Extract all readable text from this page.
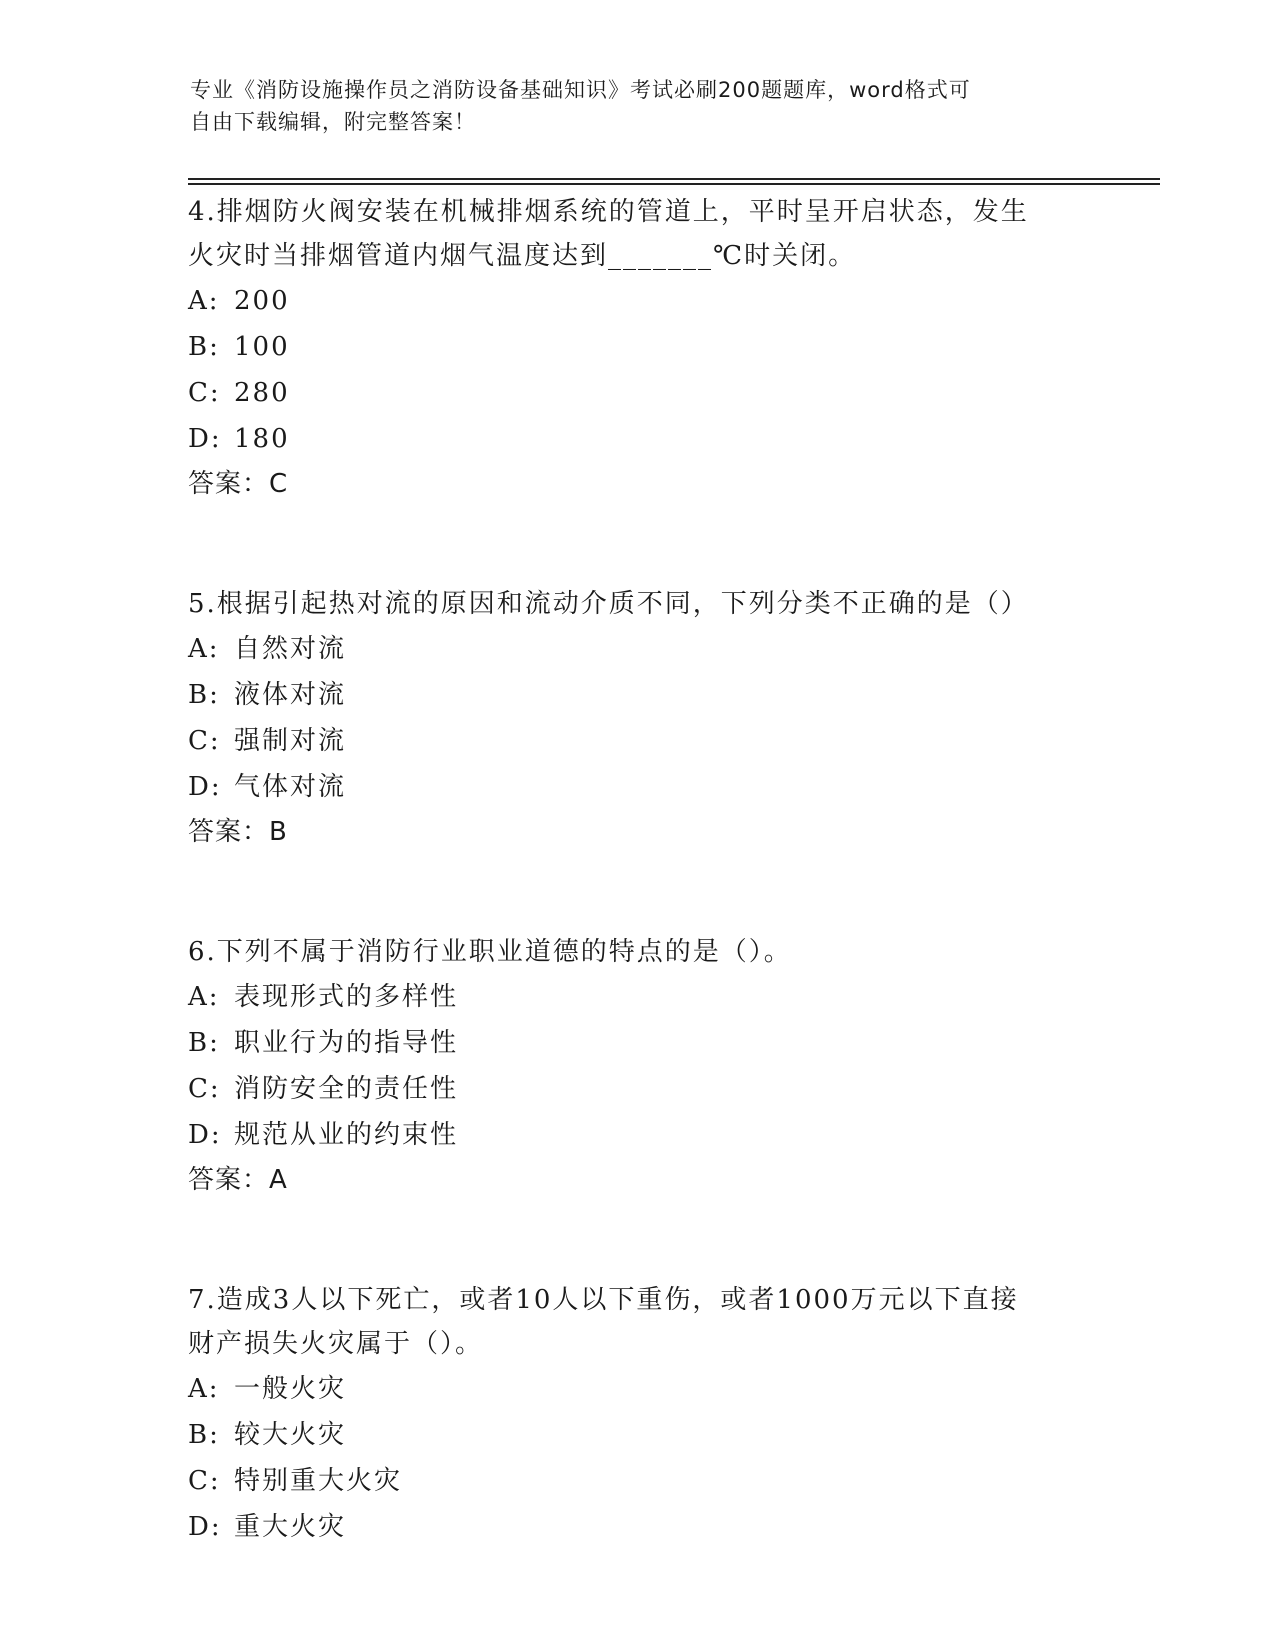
专业《消防设施操作员之消防设备基础知识》考试必刷200题题库，word格式可
自由下载编辑，附完整答案！
4.排烟防火阀安装在机械排烟系统的管道上，平时呈开启状态，发生
火灾时当排烟管道内烟气温度达到_______℃时关闭。
A: 200
B: 100
C: 280
D: 180
答案：C
5.根据引起热对流的原因和流动介质不同，下列分类不正确的是（）
A: 自然对流
B: 液体对流
C: 强制对流
D: 气体对流
答案：B
6.下列不属于消防行业职业道德的特点的是（）。
A: 表现形式的多样性
B: 职业行为的指导性
C: 消防安全的责任性
D: 规范从业的约束性
答案：A
7.造成3人以下死亡，或者10人以下重伤，或者1000万元以下直接
财产损失火灾属于（）。
A: 一般火灾
B: 较大火灾
C: 特别重大火灾
D: 重大火灾
